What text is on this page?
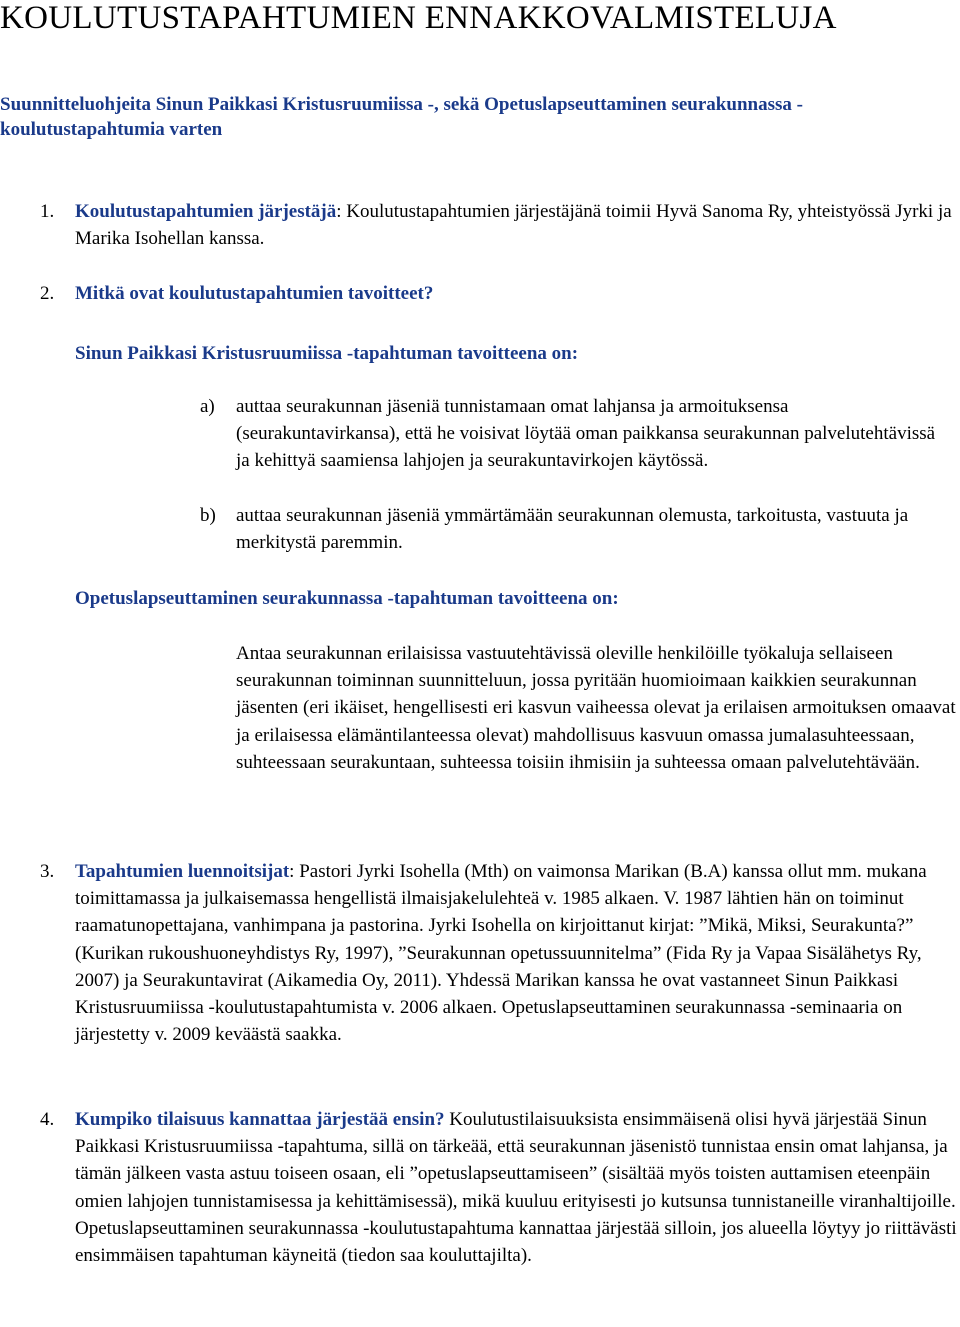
KOULUTUSTAPAHTUMIEN ENNAKKOVALMISTELUJA

Suunnitteluohjeita Sinun Paikkasi Kristusruumiissa -, sekä Opetuslapseuttaminen seurakunnassa -koulutustapahtumia varten

1. Koulutustapahtumien järjestäjä: Koulutustapahtumien järjestäjänä toimii Hyvä Sanoma Ry, yhteistyössä Jyrki ja Marika Isohellan kanssa.
2. Mitkä ovat koulutustapahtumien tavoitteet?
Sinun Paikkasi Kristusruumiissa -tapahtuman tavoitteena on:
a) auttaa seurakunnan jäseniä tunnistamaan omat lahjansa ja armoituksensa (seurakuntavirkansa), että he voisivat löytää oman paikkansa seurakunnan palvelutehtävissä ja kehittyä saamiensa lahjojen ja seurakuntavirkojen käytössä.
b) auttaa seurakunnan jäseniä ymmärtämään seurakunnan olemusta, tarkoitusta, vastuuta ja merkitystä paremmin.
Opetuslapseuttaminen seurakunnassa -tapahtuman tavoitteena on:
Antaa seurakunnan erilaisissa vastuutehtävissä oleville henkilöille työkaluja sellaiseen seurakunnan toiminnan suunnitteluun, jossa pyritään huomioimaan kaikkien seurakunnan jäsenten (eri ikäiset, hengellisesti eri kasvun vaiheessa olevat ja erilaisen armoituksen omaavat ja erilaisessa elämäntilanteessa olevat) mahdollisuus kasvuun omassa jumalasuhteessaan, suhteessaan seurakuntaan, suhteessa toisiin ihmisiin ja suhteessa omaan palvelutehtävään.
3. Tapahtumien luennoitsijat: Pastori Jyrki Isohella (Mth) on vaimonsa Marikan (B.A) kanssa ollut mm. mukana toimittamassa ja julkaisemassa hengellistä ilmaisjakelulehteä v. 1985 alkaen. V. 1987 lähtien hän on toiminut raamatunopettajana, vanhimpana ja pastorina. Jyrki Isohella on kirjoittanut kirjat: ”Mikä, Miksi, Seurakunta?” (Kurikan rukoushuoneyhdistys Ry, 1997), ”Seurakunnan opetussuunnitelma” (Fida Ry ja Vapaa Sisälähetys Ry, 2007) ja Seurakuntavirat (Aikamedia Oy, 2011). Yhdessä Marikan kanssa he ovat vastanneet Sinun Paikkasi Kristusruumiissa -koulutustapahtumista v. 2006 alkaen. Opetuslapseuttaminen seurakunnassa -seminaaria on järjestetty v. 2009 keväästä saakka.
4. Kumpiko tilaisuus kannattaa järjestää ensin? Koulutustilaisuuksista ensimmäisenä olisi hyvä järjestää Sinun Paikkasi Kristusruumiissa -tapahtuma, sillä on tärkeää, että seurakunnan jäsenistö tunnistaa ensin omat lahjansa, ja tämän jälkeen vasta astuu toiseen osaan, eli ”opetuslapseuttamiseen” (sisältää myös toisten auttamisen eteenpäin omien lahjojen tunnistamisessa ja kehittämisessä), mikä kuuluu erityisesti jo kutsunsa tunnistaneille viranhaltijoille. Opetuslapseuttaminen seurakunnassa -koulutustapahtuma kannattaa järjestää silloin, jos alueella löytyy jo riittävästi ensimmäisen tapahtuman käyneitä (tiedon saa kouluttajilta).
